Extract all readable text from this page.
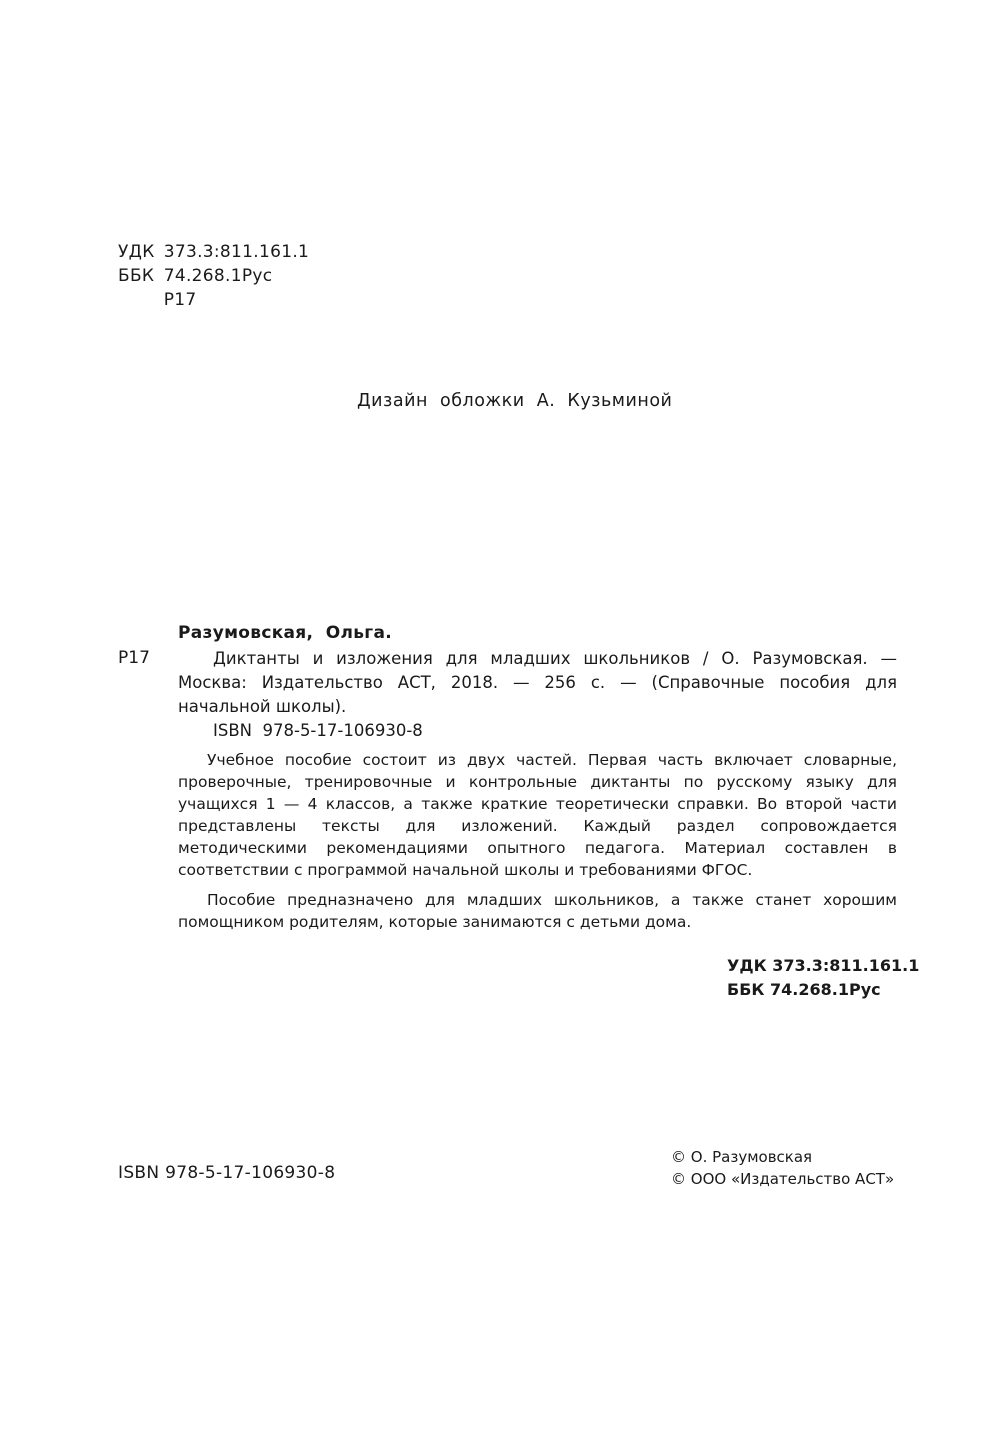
УДК 373.3:811.161.1
ББК 74.268.1Рус
Р17
Дизайн  обложки  А.  Кузьминой
Разумовская,  Ольга.
Р17	Диктанты и изложения для младших школьников / О. Разумовская. — Москва: Издательство АСТ, 2018. — 256 с. — (Справочные пособия для начальной школы).

ISBN  978-5-17-106930-8

Учебное пособие состоит из двух частей. Первая часть включает словарные, проверочные, тренировочные и контрольные диктанты по русскому языку для учащихся 1 — 4 классов, а также краткие теоретически справки. Во второй части представлены тексты для изложений. Каждый раздел сопровождается методическими рекомендациями опытного педагога. Материал составлен в соответствии с программой начальной школы и требованиями ФГОС.

Пособие предназначено для младших школьников, а также станет хорошим помощником родителям, которые занимаются с детьми дома.

УДК 373.3:811.161.1
ББК 74.268.1Рус
ISBN 978-5-17-106930-8
© О. Разумовская
© ООО «Издательство АСТ»
